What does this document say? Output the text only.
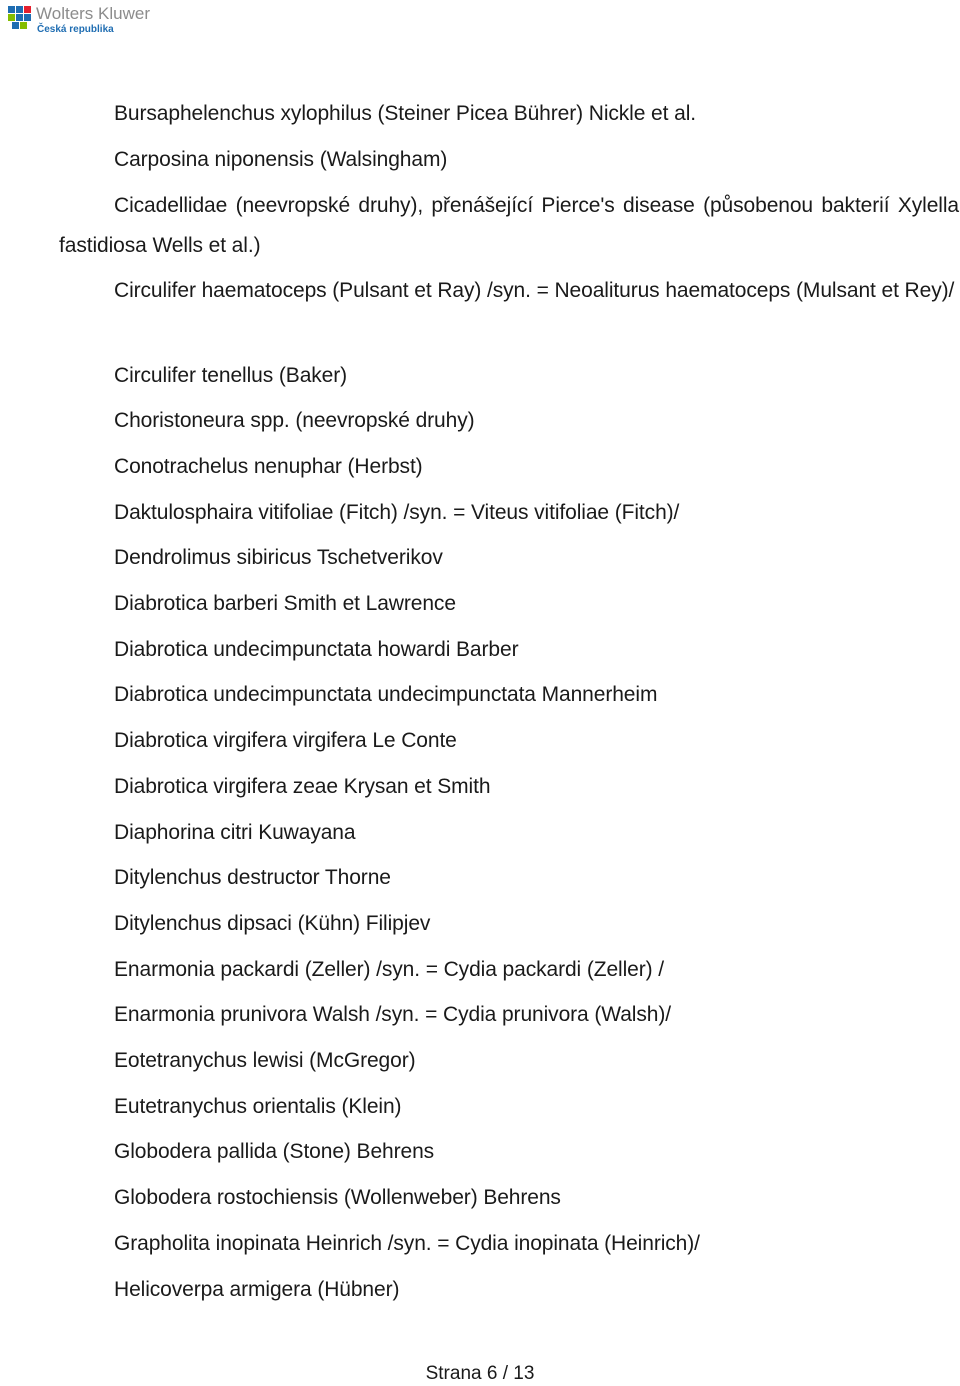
Wolters Kluwer
Česká republika
Bursaphelenchus xylophilus (Steiner Picea Bührer) Nickle et al.
Carposina niponensis (Walsingham)
Cicadellidae (neevropské druhy), přenášející Pierce's disease (působenou bakterií Xylella fastidiosa Wells et al.)
Circulifer haematoceps (Pulsant et Ray) /syn. = Neoaliturus haematoceps (Mulsant et Rey)/
Circulifer tenellus (Baker)
Choristoneura spp. (neevropské druhy)
Conotrachelus nenuphar (Herbst)
Daktulosphaira vitifoliae (Fitch) /syn. = Viteus vitifoliae (Fitch)/
Dendrolimus sibiricus Tschetverikov
Diabrotica barberi Smith et Lawrence
Diabrotica undecimpunctata howardi Barber
Diabrotica undecimpunctata undecimpunctata Mannerheim
Diabrotica virgifera virgifera Le Conte
Diabrotica virgifera zeae Krysan et Smith
Diaphorina citri Kuwayana
Ditylenchus destructor Thorne
Ditylenchus dipsaci (Kühn) Filipjev
Enarmonia packardi (Zeller) /syn. = Cydia packardi (Zeller) /
Enarmonia prunivora Walsh /syn. = Cydia prunivora (Walsh)/
Eotetranychus lewisi (McGregor)
Eutetranychus orientalis (Klein)
Globodera pallida (Stone) Behrens
Globodera rostochiensis (Wollenweber) Behrens
Grapholita inopinata Heinrich /syn. = Cydia inopinata (Heinrich)/
Helicoverpa armigera (Hübner)
Strana 6 / 13
